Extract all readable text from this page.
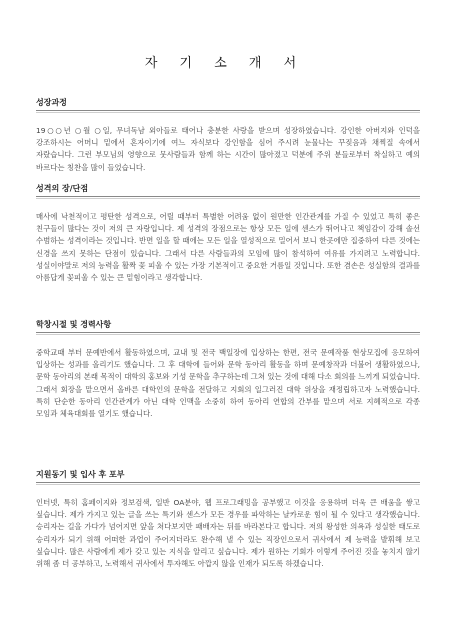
자 기 소 개 서
성장과정
19○○년 ○월 ○일, 무녀독남 외아들로 태어나 충분한 사랑을 받으며 성장하였습니다. 강인한 아버지와 인덕을 강조하시는 어머니 밑에서 혼자이기에 여느 자식보다 강인함을 심어 주시려 눈물나는 꾸짖음과 채찍질 속에서 자랐습니다. 그런 부모님의 영향으로 뭇사람들과 함께 하는 시간이 많아졌고 덕분에 주위 분들로부터 착실하고 예의 바르다는 칭찬을 많이 들었습니다.
성격의 장/단점
매사에 낙천적이고 평탄한 성격으로, 어릴 때부터 특별한 어려움 없이 원만한 인간관계를 가질 수 있었고 특히 좋은 친구들이 많다는 것이 저의 큰 자랑입니다. 제 성격의 장점으로는 항상 모든 일에 센스가 뛰어나고 책임감이 강해 솔선 수범하는 성격이라는 것입니다. 반면 일을 할 때에는 모든 일을 열성적으로 밀어서 보니 한곳에만 집중하여 다른 것에는 신경을 쓰지 못하는 단점이 있습니다. 그래서 다른 사람들과의 모임에 많이 참석하여 여유를 가지려고 노력합니다. 성실이야말로 저의 능력을 활짝 꽃 피울 수 있는 가장 기본적이고 중요한 거름일 것입니다. 또한 겸손은 성실함의 결과를 아름답게 꽃피울 수 있는 큰 밑힘이라고 생각합니다.
학창시절 및 경력사항
중학교때 부터 문예반에서 활동하였으며, 교내 및 전국 백일장에 입상하는 한편, 전국 문예작품 현상모집에 응모하여 입상하는 성과를 올리기도 했습니다. 그 후 대학에 들어와 문학 동아리 활동을 하며 문예창작과 더불어 생활하였으나, 문학 동아리의 본래 목적이 대학의 홍보와 기성 문학을 추구하는데 그쳐 있는 것에 대해 다소 회의를 느끼게 되었습니다. 그래서 회장을 맡으면서 올바른 대학인의 문학을 전달하고 지회의 일그러진 대학 위상을 재정립하고자 노력했습니다. 특히 단순한 동아리 인간관계가 아닌 대학 인맥을 소중히 하여 동아리 연합의 간부를 맡으며 서로 지혜적으로 각종 모임과 체육대회를 열기도 했습니다.
지원동기 및 입사 후 포부
인터넷, 특히 홈페이지와 정보검색, 일반 OA분야, 웹 프로그래밍을 공부했고 이것을 응용하며 더욱 큰 배움을 쌓고 싶습니다. 제가 가지고 있는 글을 쓰는 특기와 센스가 모든 경우를 파악하는 날카로운 힘이 될 수 있다고 생각했습니다. 승리자는 길을 가다가 넘어지면 앞을 쳐다보지만 패배자는 뒤를 바라본다고 합니다. 저의 왕성한 의욕과 성실한 태도로 승리자가 되기 위해 어떠한 과업이 주어지더라도 완수해 낼 수 있는 직장인으로서 귀사에서 제 능력을 발휘해 보고 싶습니다. 많은 사람에게 제가 갖고 있는 지식을 알리고 싶습니다. 제가 원하는 기회가 이렇게 주어진 것을 놓치지 않기 위해 좀 더 공부하고, 노력해서 귀사에서 투자해도 아깝지 않을 인재가 되도록 하겠습니다.
